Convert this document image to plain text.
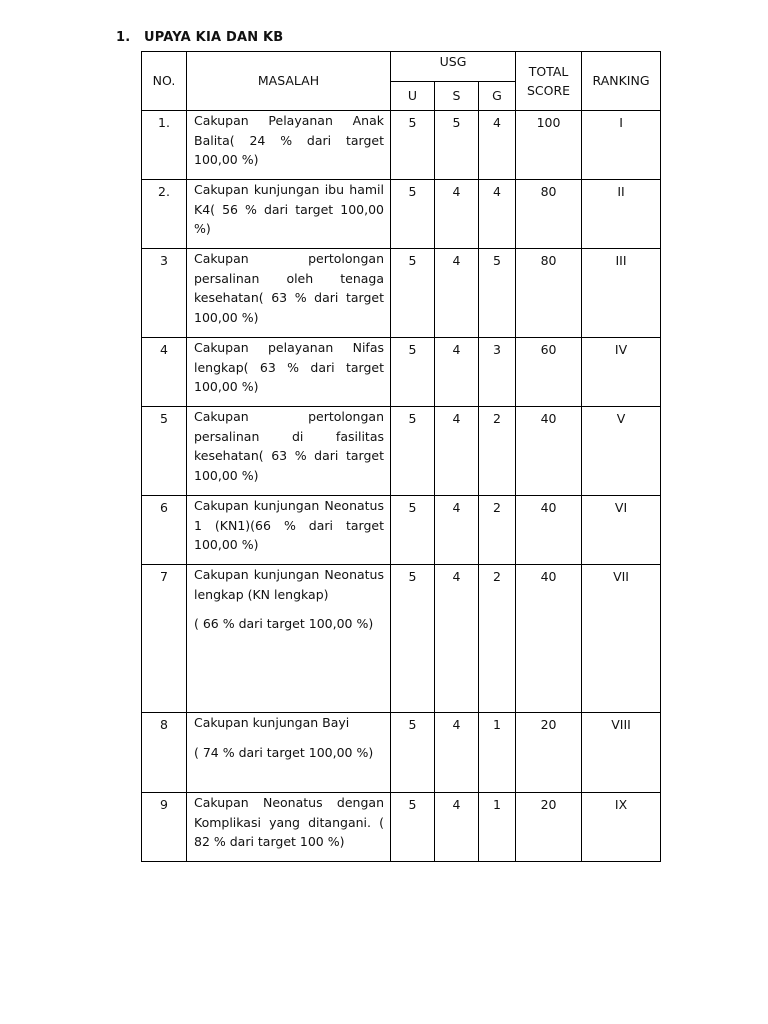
1. UPAYA KIA DAN KB
NO.	MASALAH	USG			TOTAL SCORE	RANKING
		U	S	G		
1.	Cakupan Pelayanan Anak Balita( 24 % dari target 100,00 %)	5	5	4	100	I
2.	Cakupan kunjungan ibu hamil K4( 56 % dari target 100,00 %)	5	4	4	80	II
3	Cakupan pertolongan persalinan oleh tenaga kesehatan( 63 % dari target 100,00 %)	5	4	5	80	III
4	Cakupan pelayanan Nifas lengkap( 63 % dari target 100,00 %)	5	4	3	60	IV
5	Cakupan pertolongan persalinan di fasilitas kesehatan( 63 % dari target 100,00 %)	5	4	2	40	V
6	Cakupan kunjungan Neonatus 1 (KN1)(66 % dari target 100,00 %)	5	4	2	40	VI
7	Cakupan kunjungan Neonatus lengkap (KN lengkap)
( 66 % dari target 100,00 %)	5	4	2	40	VII
8	Cakupan kunjungan Bayi
( 74 % dari target 100,00 %)	5	4	1	20	VIII
9	Cakupan Neonatus dengan Komplikasi yang ditangani. ( 82 % dari target 100 %)	5	4	1	20	IX
